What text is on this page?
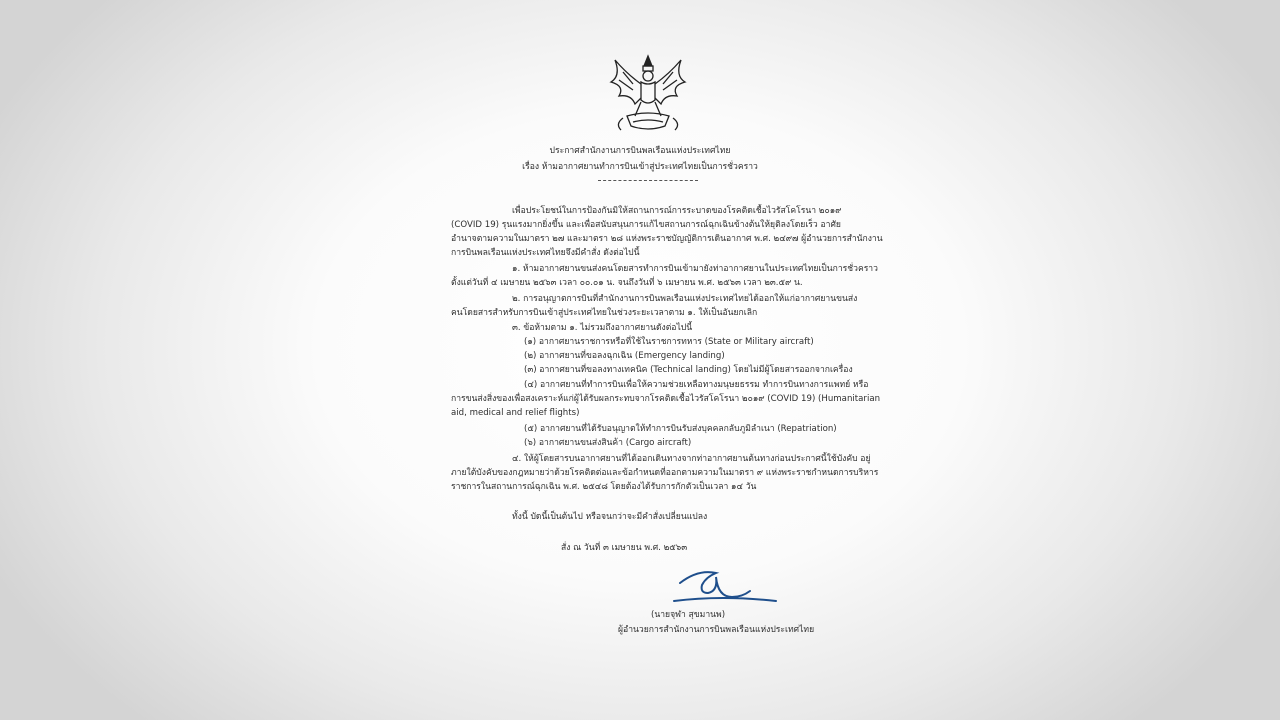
ประกาศสำนักงานการบินพลเรือนแห่งประเทศไทย
เรื่อง ห้ามอากาศยานทำการบินเข้าสู่ประเทศไทยเป็นการชั่วคราว
เพื่อประโยชน์ในการป้องกันมิให้สถานการณ์การระบาดของโรคติดเชื้อไวรัสโคโรนา ๒๐๑๙
(COVID 19) รุนแรงมากยิ่งขึ้น และเพื่อสนับสนุนการแก้ไขสถานการณ์ฉุกเฉินข้างต้นให้ยุติลงโดยเร็ว อาศัย
อำนาจตามความในมาตรา ๒๗ และมาตรา ๒๘ แห่งพระราชบัญญัติการเดินอากาศ พ.ศ. ๒๔๙๗ ผู้อำนวยการสำนักงาน
การบินพลเรือนแห่งประเทศไทยจึงมีคำสั่ง ดังต่อไปนี้
๑. ห้ามอากาศยานขนส่งคนโดยสารทำการบินเข้ามายังท่าอากาศยานในประเทศไทยเป็นการชั่วคราว
ตั้งแต่วันที่ ๔ เมษายน ๒๕๖๓ เวลา ๐๐.๐๑ น. จนถึงวันที่ ๖ เมษายน พ.ศ. ๒๕๖๓ เวลา ๒๓.๕๙ น.
๒. การอนุญาตการบินที่สำนักงานการบินพลเรือนแห่งประเทศไทยได้ออกให้แก่อากาศยานขนส่ง
คนโดยสารสำหรับการบินเข้าสู่ประเทศไทยในช่วงระยะเวลาตาม ๑. ให้เป็นอันยกเลิก
๓. ข้อห้ามตาม ๑. ไม่รวมถึงอากาศยานดังต่อไปนี้
(๑) อากาศยานราชการหรือที่ใช้ในราชการทหาร (State or Military aircraft)
(๒) อากาศยานที่ขอลงฉุกเฉิน (Emergency landing)
(๓) อากาศยานที่ขอลงทางเทคนิค (Technical landing) โดยไม่มีผู้โดยสารออกจากเครื่อง
(๔) อากาศยานที่ทำการบินเพื่อให้ความช่วยเหลือทางมนุษยธรรม ทำการบินทางการแพทย์ หรือ
การขนส่งสิ่งของเพื่อสงเคราะห์แก่ผู้ได้รับผลกระทบจากโรคติดเชื้อไวรัสโคโรนา ๒๐๑๙ (COVID 19) (Humanitarian
aid, medical and relief flights)
(๕) อากาศยานที่ได้รับอนุญาตให้ทำการบินรับส่งบุคคลกลับภูมิลำเนา (Repatriation)
(๖) อากาศยานขนส่งสินค้า (Cargo aircraft)
๔. ให้ผู้โดยสารบนอากาศยานที่ได้ออกเดินทางจากท่าอากาศยานต้นทางก่อนประกาศนี้ใช้บังคับ อยู่
ภายใต้บังคับของกฎหมายว่าด้วยโรคติดต่อและข้อกำหนดที่ออกตามความในมาตรา ๙ แห่งพระราชกำหนดการบริหาร
ราชการในสถานการณ์ฉุกเฉิน พ.ศ. ๒๕๔๘ โดยต้องได้รับการกักตัวเป็นเวลา ๑๔ วัน
ทั้งนี้ บัดนี้เป็นต้นไป หรือจนกว่าจะมีคำสั่งเปลี่ยนแปลง
สั่ง ณ วันที่ ๓ เมษายน พ.ศ. ๒๕๖๓
(นายจุฬา สุขมานพ)
ผู้อำนวยการสำนักงานการบินพลเรือนแห่งประเทศไทย
